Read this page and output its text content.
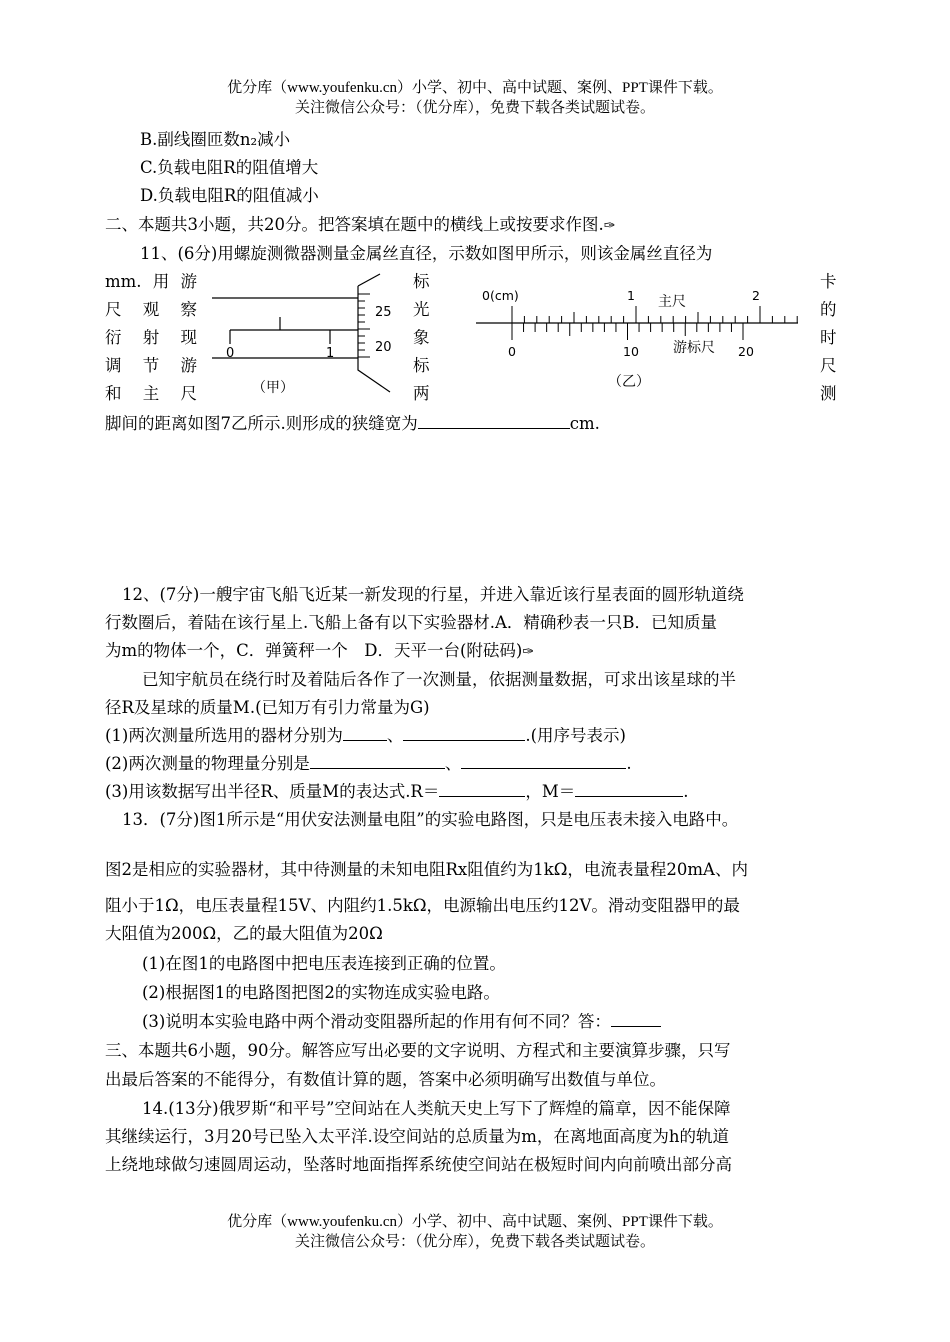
优分库（www.youfenku.cn）小学、初中、高中试题、案例、PPT课件下载。
关注微信公众号：（优分库），免费下载各类试题试卷。
B.副线圈匝数n₂减小
C.负载电阻R的阻值增大
D.负载电阻R的阻值减小
二、本题共3小题，共20分。把答案填在题中的横线上或按要求作图.✑
11、(6分)用螺旋测微器测量金属丝直径，示数如图甲所示，则该金属丝直径为
mm.用游
尺观察
衍射现
调节游
和主尺
标
光
象
标
两
卡
的
时
尺
测
0	1
25
20
（甲）
0(cm)	1	2
主尺
0	10	20
游标尺
（乙）
脚间的距离如图7乙所示.则形成的狭缝宽为	cm.
12、(7分)一艘宇宙飞船飞近某一新发现的行星，并进入靠近该行星表面的圆形轨道绕
行数圈后，着陆在该行星上.飞船上备有以下实验器材.A．精确秒表一只B．已知质量
为m的物体一个，C．弹簧秤一个　D．天平一台(附砝码)✑
已知宇航员在绕行时及着陆后各作了一次测量，依据测量数据，可求出该星球的半
径R及星球的质量M.(已知万有引力常量为G)
(1)两次测量所选用的器材分别为	、	.(用序号表示)
(2)两次测量的物理量分别是	、	.
(3)用该数据写出半径R、质量M的表达式.R＝	，M＝	.
13．(7分)图1所示是“用伏安法测量电阻”的实验电路图，只是电压表未接入电路中。
图2是相应的实验器材，其中待测量的未知电阻Rx阻值约为1kΩ，电流表量程20mA、内
阻小于1Ω，电压表量程15V、内阻约1.5kΩ，电源输出电压约12V。滑动变阻器甲的最
大阻值为200Ω，乙的最大阻值为20Ω
(1)在图1的电路图中把电压表连接到正确的位置。
(2)根据图1的电路图把图2的实物连成实验电路。
(3)说明本实验电路中两个滑动变阻器所起的作用有何不同？答：
三、本题共6小题，90分。解答应写出必要的文字说明、方程式和主要演算步骤，只写
出最后答案的不能得分，有数值计算的题，答案中必须明确写出数值与单位。
14.(13分)俄罗斯“和平号”空间站在人类航天史上写下了辉煌的篇章，因不能保障
其继续运行，3月20号已坠入太平洋.设空间站的总质量为m，在离地面高度为h的轨道
上绕地球做匀速圆周运动，坠落时地面指挥系统使空间站在极短时间内向前喷出部分高
优分库（www.youfenku.cn）小学、初中、高中试题、案例、PPT课件下载。
关注微信公众号：（优分库），免费下载各类试题试卷。
